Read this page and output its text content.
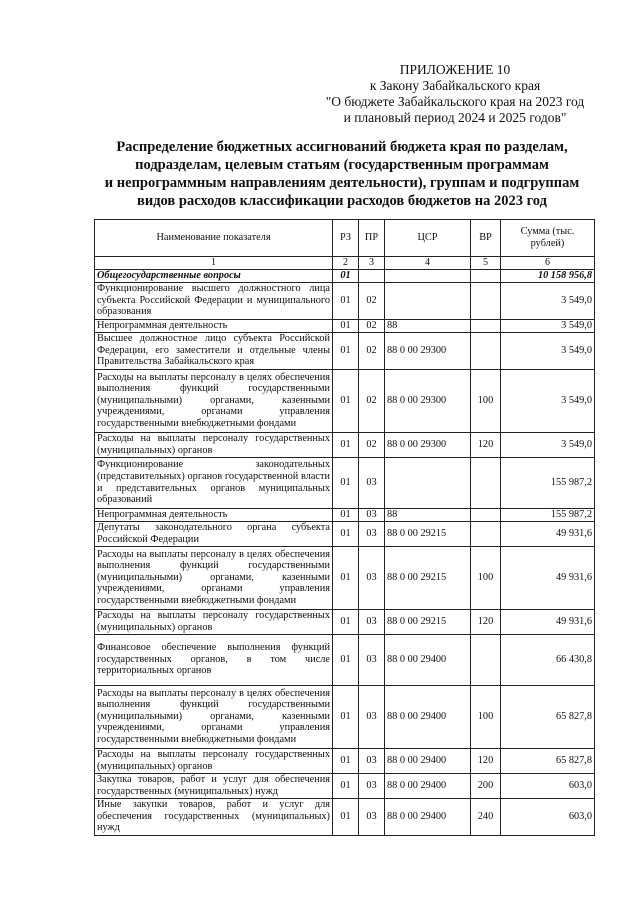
ПРИЛОЖЕНИЕ 10
к Закону Забайкальского края
"О бюджете Забайкальского края на 2023 год
и плановый период 2024 и 2025 годов"
Распределение бюджетных ассигнований бюджета края по разделам,
подразделам, целевым статьям (государственным программам
и непрограммным направлениям деятельности), группам и подгруппам
видов расходов классификации расходов бюджетов на 2023 год
Наименование показателя	РЗ	ПР	ЦСР	ВР	Сумма (тыс. рублей)
1	2	3	4	5	6
Общегосударственные вопросы	01				10 158 956,8
Функционирование высшего должностного лица субъекта Российской Федерации и муниципального образования	01	02			3 549,0
Непрограммная деятельность	01	02	88		3 549,0
Высшее должностное лицо субъекта Российской Федерации, его заместители и отдельные члены Правительства Забайкальского края	01	02	88 0 00 29300		3 549,0
Расходы на выплаты персоналу в целях обеспечения выполнения функций государственными (муниципальными) органами, казенными учреждениями, органами управления государственными внебюджетными фондами	01	02	88 0 00 29300	100	3 549,0
Расходы на выплаты персоналу государственных (муниципальных) органов	01	02	88 0 00 29300	120	3 549,0
Функционирование законодательных (представительных) органов государственной власти и представительных органов муниципальных образований	01	03			155 987,2
Непрограммная деятельность	01	03	88		155 987,2
Депутаты законодательного органа субъекта Российской Федерации	01	03	88 0 00 29215		49 931,6
Расходы на выплаты персоналу в целях обеспечения выполнения функций государственными (муниципальными) органами, казенными учреждениями, органами управления государственными внебюджетными фондами	01	03	88 0 00 29215	100	49 931,6
Расходы на выплаты персоналу государственных (муниципальных) органов	01	03	88 0 00 29215	120	49 931,6
Финансовое обеспечение выполнения функций государственных органов, в том числе территориальных органов	01	03	88 0 00 29400		66 430,8
Расходы на выплаты персоналу в целях обеспечения выполнения функций государственными (муниципальными) органами, казенными учреждениями, органами управления государственными внебюджетными фондами	01	03	88 0 00 29400	100	65 827,8
Расходы на выплаты персоналу государственных (муниципальных) органов	01	03	88 0 00 29400	120	65 827,8
Закупка товаров, работ и услуг для обеспечения государственных (муниципальных) нужд	01	03	88 0 00 29400	200	603,0
Иные закупки товаров, работ и услуг для обеспечения государственных (муниципальных) нужд	01	03	88 0 00 29400	240	603,0
